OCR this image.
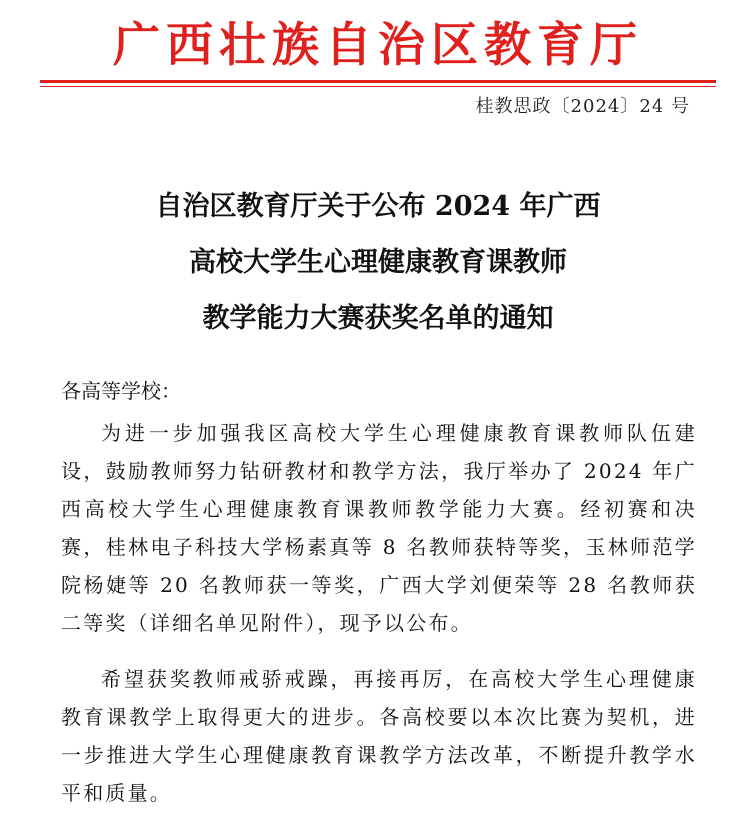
广西壮族自治区教育厅
桂教思政〔2024〕24 号
自治区教育厅关于公布 2024 年广西
高校大学生心理健康教育课教师
教学能力大赛获奖名单的通知
各高等学校：
为进一步加强我区高校大学生心理健康教育课教师队伍建设，鼓励教师努力钻研教材和教学方法，我厅举办了 2024 年广西高校大学生心理健康教育课教师教学能力大赛。经初赛和决赛，桂林电子科技大学杨素真等 8 名教师获特等奖，玉林师范学院杨婕等 20 名教师获一等奖，广西大学刘便荣等 28 名教师获二等奖（详细名单见附件），现予以公布。
希望获奖教师戒骄戒躁，再接再厉，在高校大学生心理健康教育课教学上取得更大的进步。各高校要以本次比赛为契机，进一步推进大学生心理健康教育课教学方法改革，不断提升教学水平和质量。
